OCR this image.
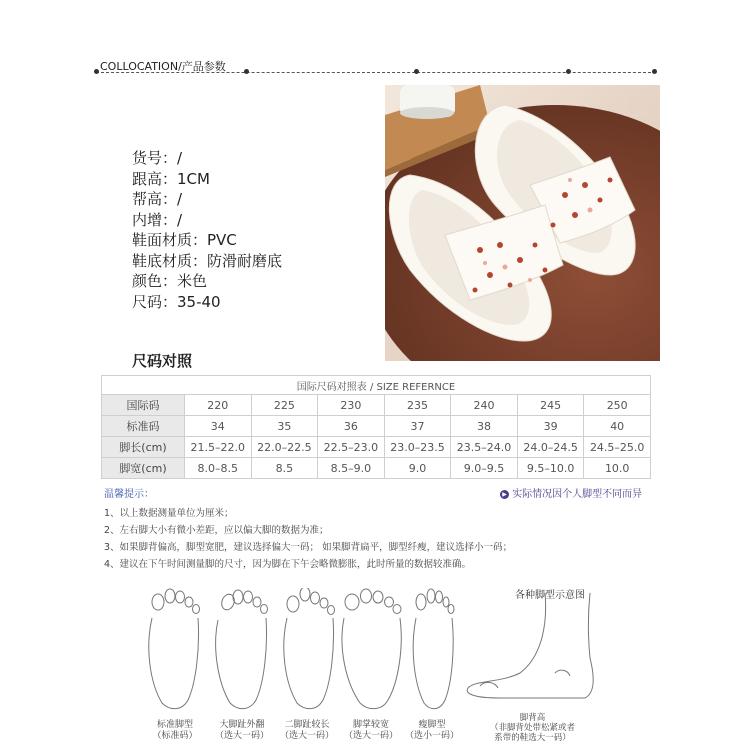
COLLOCATION/产品参数
货号：/
跟高：1CM
帮高：/
内增：/
鞋面材质：PVC
鞋底材质：防滑耐磨底
颜色：米色
尺码：35-40
尺码对照
国际尺码对照表 / SIZE REFERNCE							
国际码	220	225	230	235	240	245	250
标准码	34	35	36	37	38	39	40
脚长(cm)	21.5–22.0	22.0–22.5	22.5–23.0	23.0–23.5	23.5–24.0	24.0–24.5	24.5–25.0
脚宽(cm)	8.0–8.5	8.5	8.5–9.0	9.0	9.0–9.5	9.5–10.0	10.0
温馨提示：	▶ 实际情况因个人脚型不同而异
1、以上数据测量单位为厘米；
2、左右脚大小有微小差距，应以偏大脚的数据为准；
3、如果脚背偏高，脚型宽肥，建议选择偏大一码； 如果脚背扁平，脚型纤瘦，建议选择小一码；
4、建议在下午时间测量脚的尺寸，因为脚在下午会略微膨胀，此时所量的数据较准确。
各种脚型示意图
标准脚型
（标准码）
大脚趾外翻
（选大一码）
二脚趾较长
（选大一码）
脚掌较宽
（选大一码）
瘦脚型
（选小一码）
脚背高
（非脚背处带松紧或者
系带的鞋选大一码）
